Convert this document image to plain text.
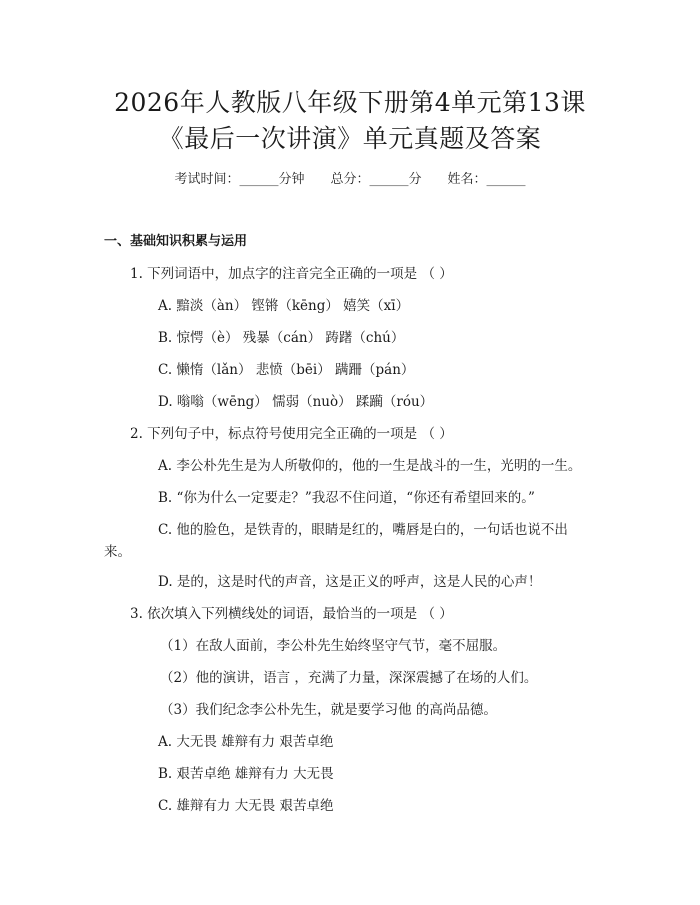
2026年人教版八年级下册第4单元第13课
《最后一次讲演》单元真题及答案
考试时间：______分钟 总分：______分 姓名：______
一、基础知识积累与运用
1. 下列词语中，加点字的注音完全正确的一项是 （ ）
A. 黯淡（àn） 铿锵（kēng） 嬉笑（xī）
B. 惊愕（è） 残暴（cán） 踌躇（chú）
C. 懒惰（lǎn） 悲愤（bēi） 蹒跚（pán）
D. 嗡嗡（wēng） 懦弱（nuò） 蹂躏（róu）
2. 下列句子中，标点符号使用完全正确的一项是 （ ）
A. 李公朴先生是为人所敬仰的，他的一生是战斗的一生，光明的一生。
B. “你为什么一定要走？”我忍不住问道，“你还有希望回来的。”
C. 他的脸色，是铁青的，眼睛是红的，嘴唇是白的，一句话也说不出
来。
D. 是的，这是时代的声音，这是正义的呼声，这是人民的心声！
3. 依次填入下列横线处的词语，最恰当的一项是 （ ）
（1）在敌人面前，李公朴先生始终坚守气节，毫不屈服。
（2）他的演讲，语言 ，充满了力量，深深震撼了在场的人们。
（3）我们纪念李公朴先生，就是要学习他 的高尚品德。
A. 大无畏 雄辩有力 艰苦卓绝
B. 艰苦卓绝 雄辩有力 大无畏
C. 雄辩有力 大无畏 艰苦卓绝
